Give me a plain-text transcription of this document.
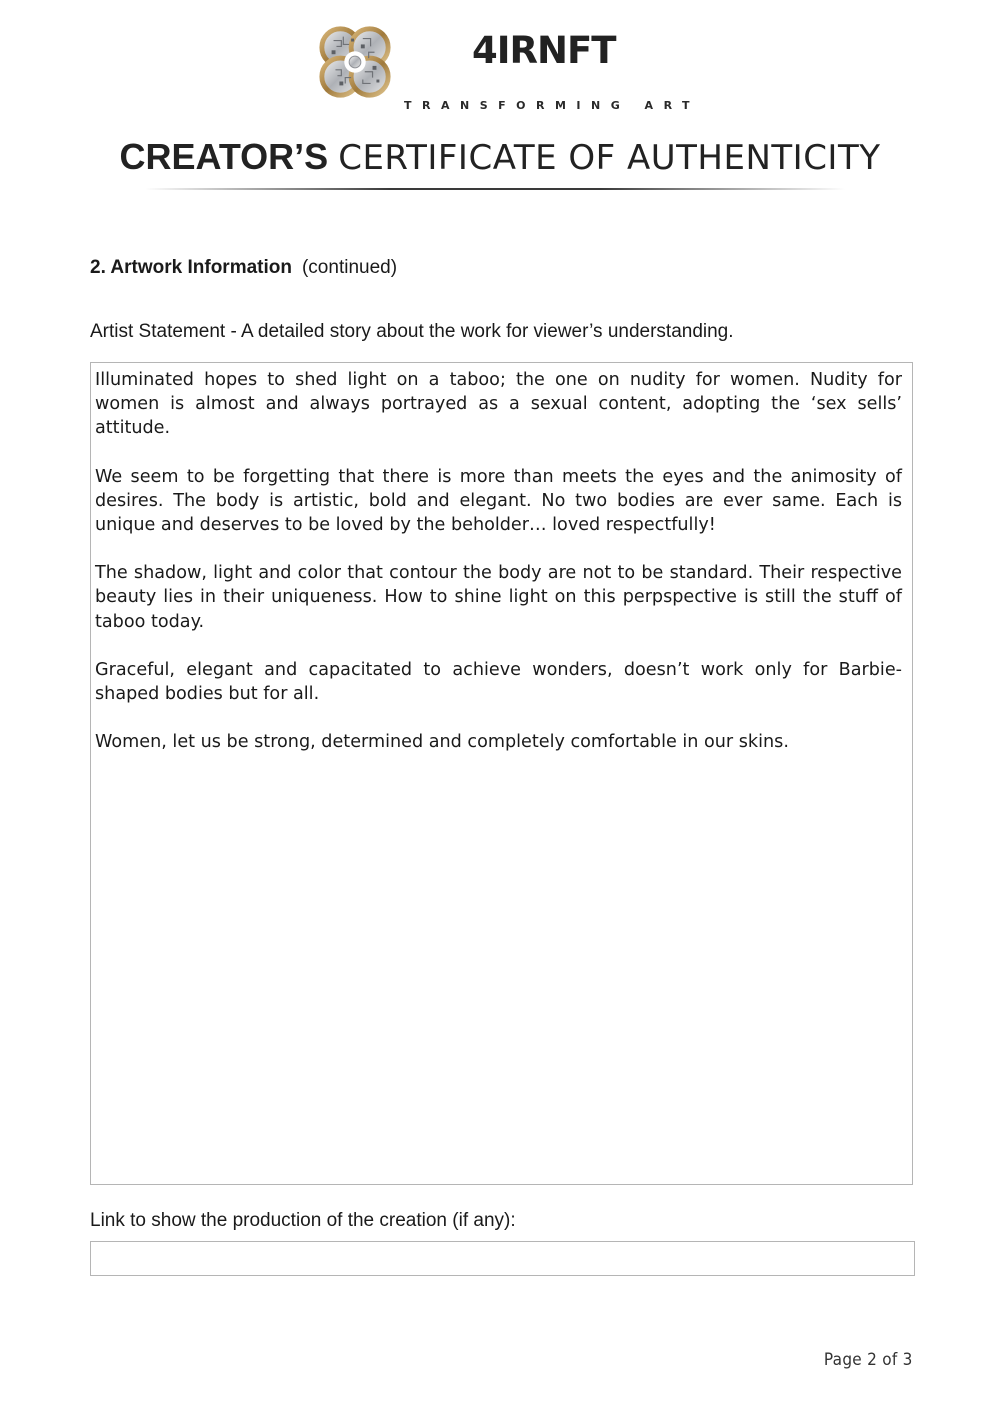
4IRNFT
TRANSFORMING ART
CREATOR’S CERTIFICATE OF AUTHENTICITY
2. Artwork Information (continued)
Artist Statement - A detailed story about the work for viewer’s understanding.

Illuminated hopes to shed light on a taboo; the one on nudity for women. Nudity for women is almost and always portrayed as a sexual content, adopting the ‘sex sells’ attitude.

We seem to be forgetting that there is more than meets the eyes and the animosity of desires. The body is artistic, bold and elegant. No two bodies are ever same. Each is unique and deserves to be loved by the beholder… loved respectfully!

The shadow, light and color that contour the body are not to be standard. Their respective beauty lies in their uniqueness. How to shine light on this perpspective is still the stuff of taboo today.

Graceful, elegant and capacitated to achieve wonders, doesn’t work only for Barbie-shaped bodies but for all.

Women, let us be strong, determined and completely comfortable in our skins.

Link to show the production of the creation (if any):
Page 2 of 3
